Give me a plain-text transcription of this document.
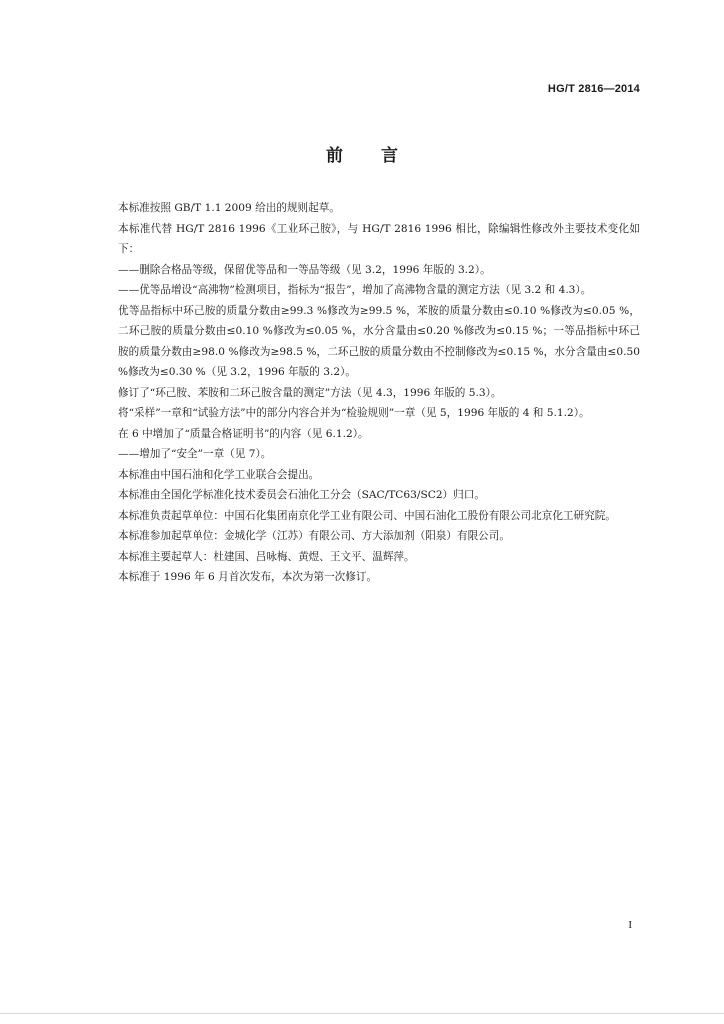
HG/T 2816—2014
前言

本标准按照 GB/T 1.1 2009 给出的规则起草。

本标准代替 HG/T 2816 1996《工业环己胺》，与 HG/T 2816 1996 相比，除编辑性修改外主要技术变化如下：

——删除合格品等级，保留优等品和一等品等级（见 3.2，1996 年版的 3.2）。

——优等品增设“高沸物”检测项目，指标为“报告”，增加了高沸物含量的测定方法（见 3.2 和 4.3）。

优等品指标中环己胺的质量分数由≥99.3 %修改为≥99.5 %，苯胺的质量分数由≤0.10 %修改为≤0.05 %，二环己胺的质量分数由≤0.10 %修改为≤0.05 %，水分含量由≤0.20 %修改为≤0.15 %；一等品指标中环己胺的质量分数由≥98.0 %修改为≥98.5 %，二环己胺的质量分数由不控制修改为≤0.15 %，水分含量由≤0.50 %修改为≤0.30 %（见 3.2，1996 年版的 3.2）。

修订了“环己胺、苯胺和二环己胺含量的测定”方法（见 4.3，1996 年版的 5.3）。

将“采样”一章和“试验方法”中的部分内容合并为“检验规则”一章（见 5，1996 年版的 4 和 5.1.2）。

在 6 中增加了“质量合格证明书”的内容（见 6.1.2）。

——增加了“安全”一章（见 7）。

本标准由中国石油和化学工业联合会提出。

本标准由全国化学标准化技术委员会石油化工分会（SAC/TC63/SC2）归口。

本标准负责起草单位：中国石化集团南京化学工业有限公司、中国石油化工股份有限公司北京化工研究院。

本标准参加起草单位：金城化学（江苏）有限公司、方大添加剂（阳泉）有限公司。

本标准主要起草人：杜建国、吕咏梅、黄煜、王文平、温辉萍。

本标准于 1996 年 6 月首次发布，本次为第一次修订。

I
